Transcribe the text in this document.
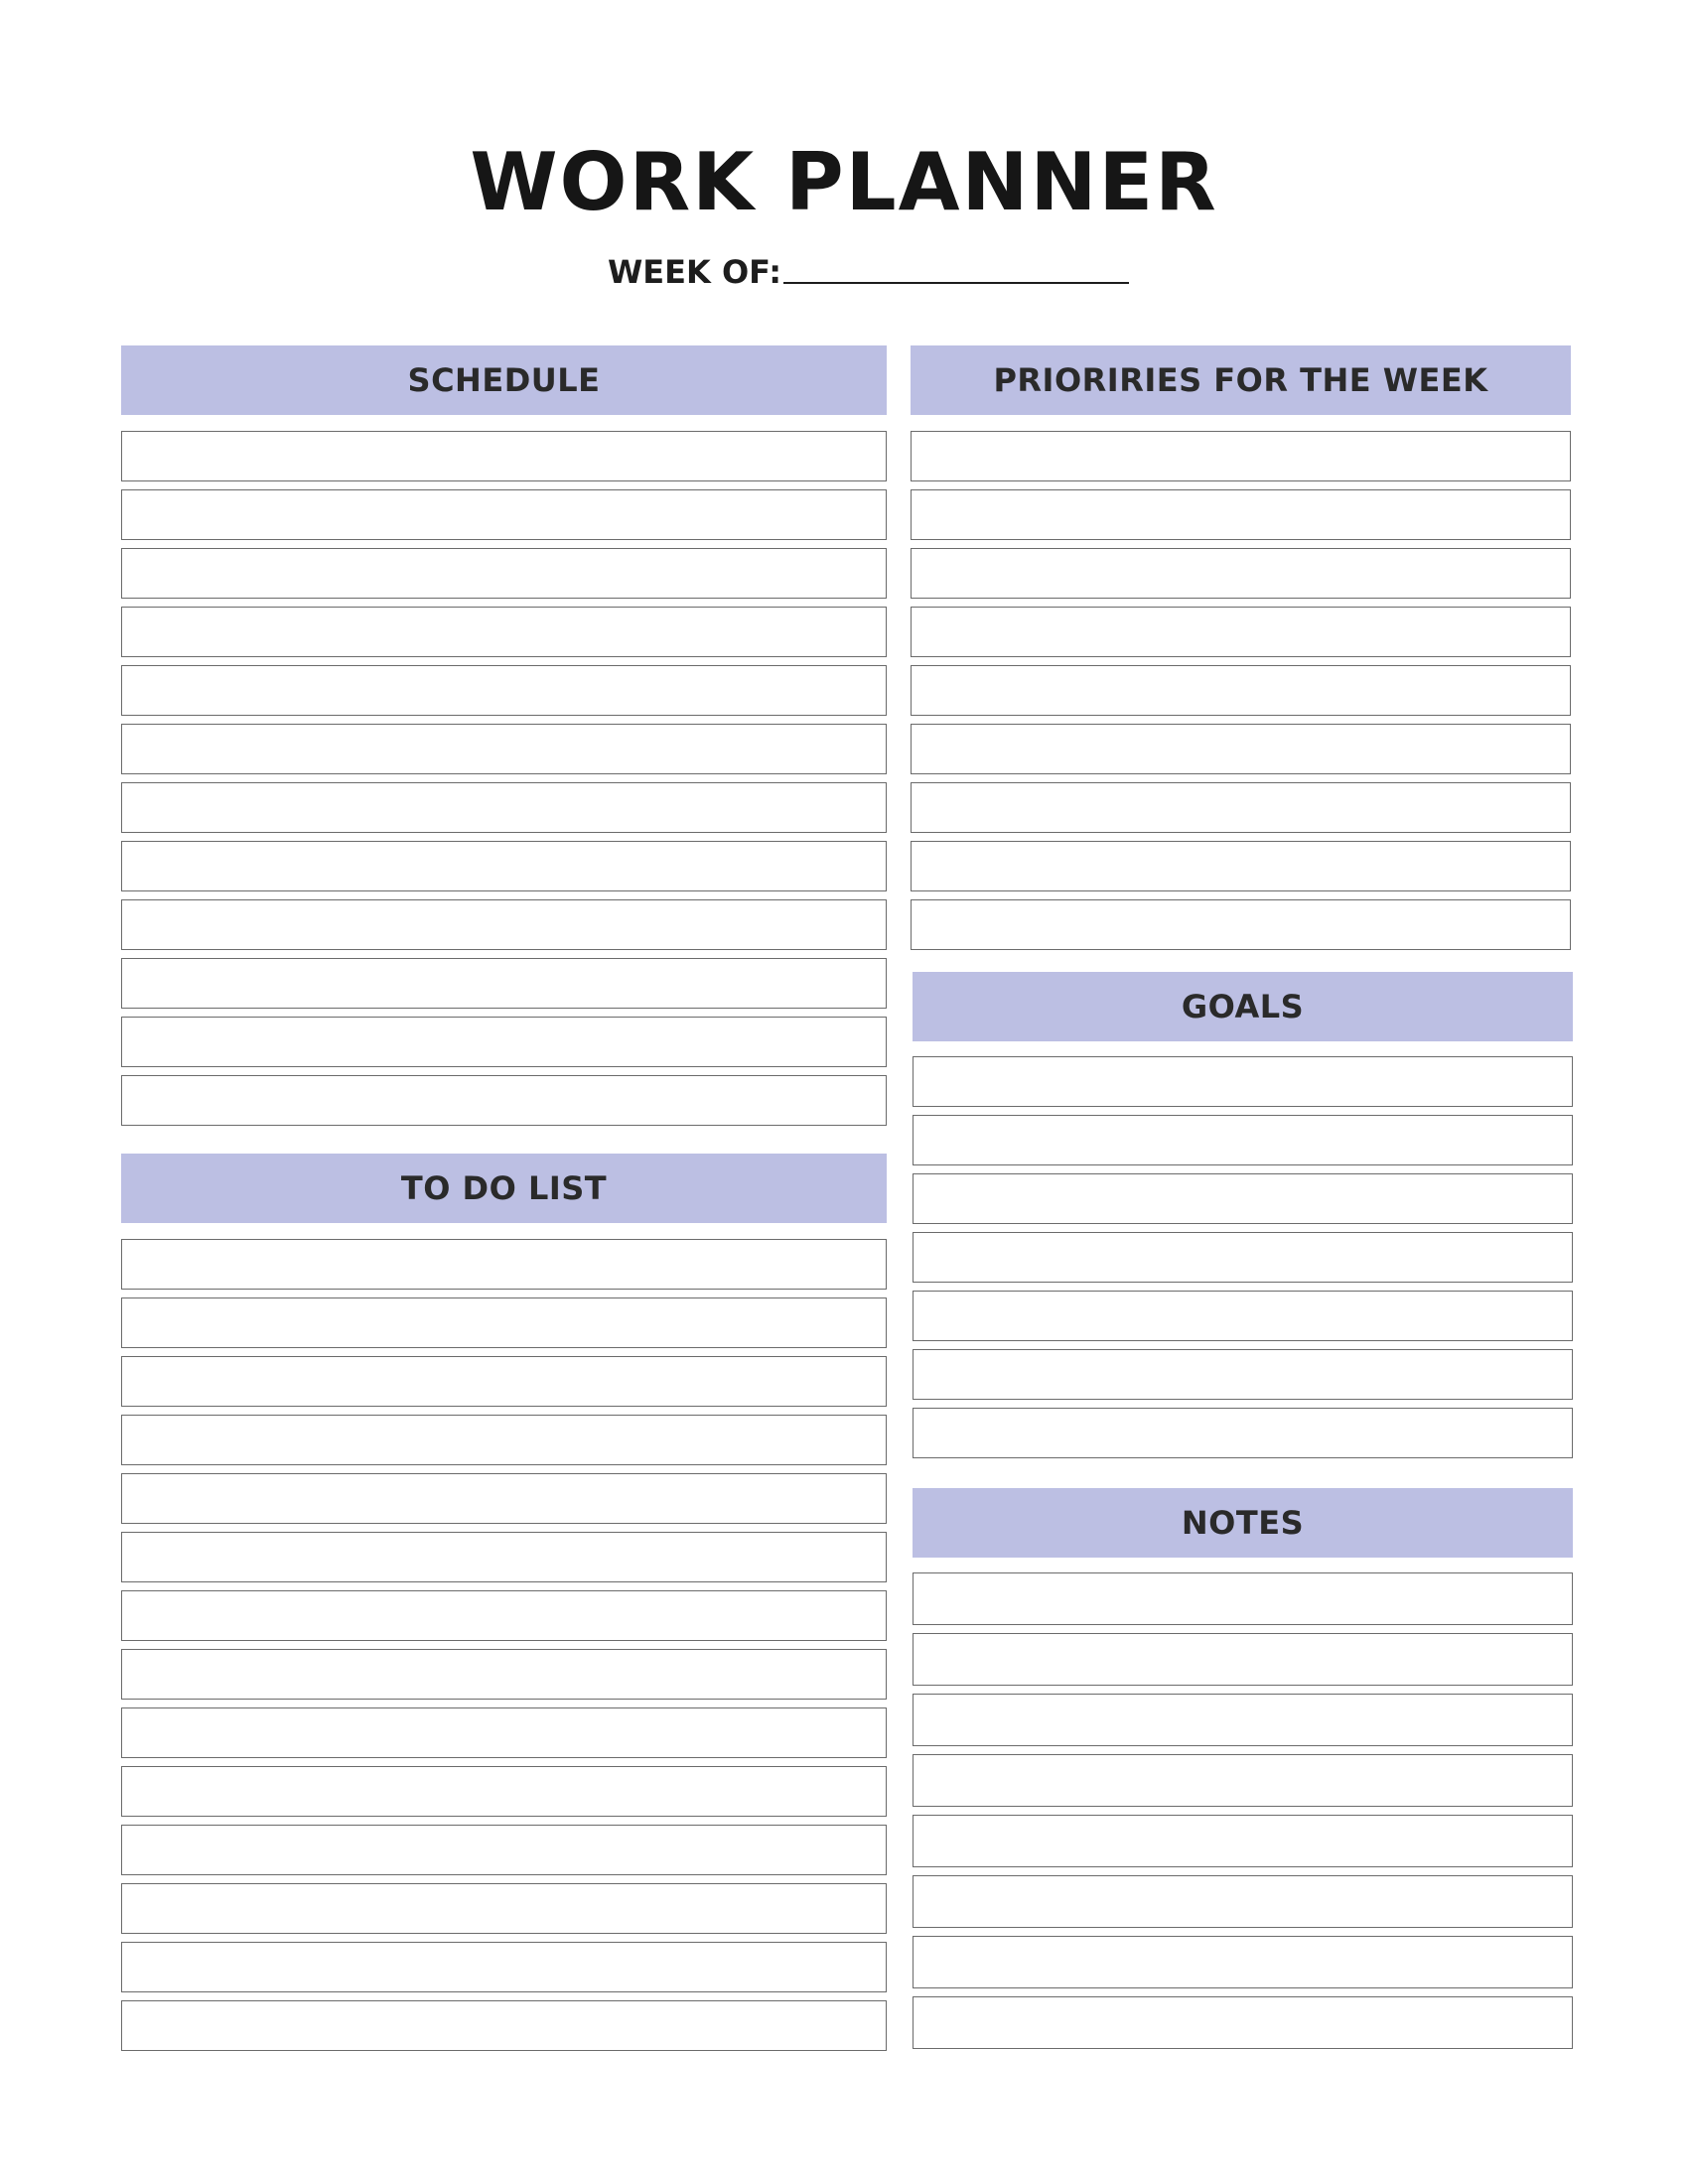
WORK PLANNER
WEEK OF:
SCHEDULE
TO DO LIST
PRIORIRIES FOR THE WEEK
GOALS
NOTES
